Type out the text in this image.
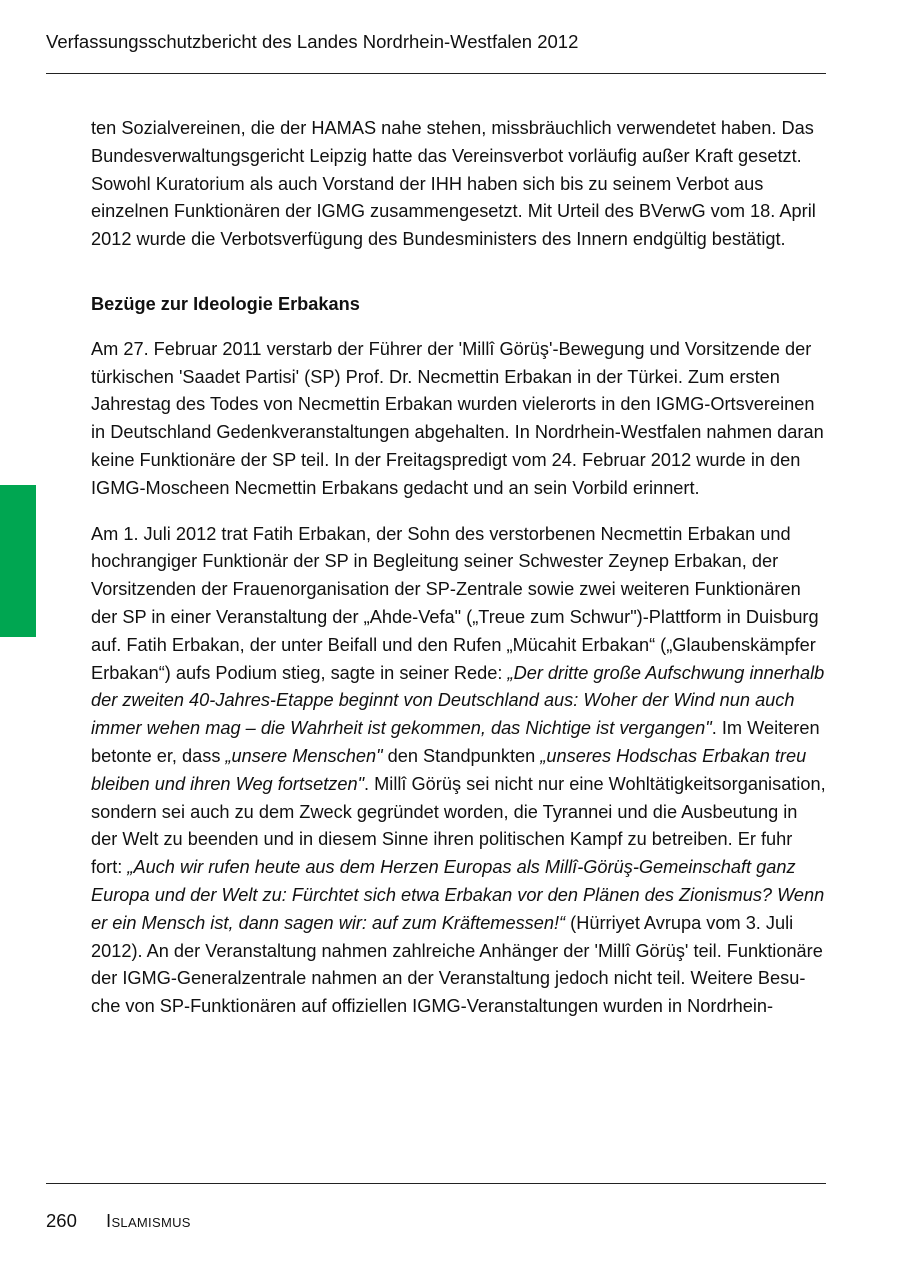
Verfassungsschutzbericht des Landes Nordrhein-Westfalen 2012

ten Sozialvereinen, die der HAMAS nahe stehen, missbräuchlich verwendetet haben. Das Bundesverwaltungsgericht Leipzig hatte das Vereinsverbot vorläufig außer Kraft gesetzt. Sowohl Kuratorium als auch Vorstand der IHH haben sich bis zu seinem Verbot aus einzelnen Funktionären der IGMG zusammengesetzt. Mit Urteil des BVerwG vom 18. April 2012 wurde die Verbotsverfügung des Bundesministers des Innern endgültig bestätigt.

Bezüge zur Ideologie Erbakans

Am 27. Februar 2011 verstarb der Führer der 'Millî Görüş'-Bewegung und Vorsitzende der türkischen 'Saadet Partisi' (SP) Prof. Dr. Necmettin Erbakan in der Türkei. Zum ersten Jahrestag des Todes von Necmettin Erbakan wurden vielerorts in den IGMG-Ortsvereinen in Deutschland Gedenkveranstaltungen abgehalten. In Nordrhein-Westfalen nahmen daran keine Funktionäre der SP teil. In der Freitagspredigt vom 24. Februar 2012 wurde in den IGMG-Moscheen Necmettin Erbakans gedacht und an sein Vorbild erinnert.

Am 1. Juli 2012 trat Fatih Erbakan, der Sohn des verstorbenen Necmettin Erbakan und hochrangiger Funktionär der SP in Begleitung seiner Schwester Zeynep Erbakan, der Vorsitzenden der Frauenorganisation der SP-Zentrale sowie zwei weiteren Funktionären der SP in einer Veranstaltung der „Ahde-Vefa" („Treue zum Schwur")-Plattform in Duisburg auf. Fatih Erbakan, der unter Beifall und den Rufen „Mücahit Erbakan“ („Glaubenskämpfer Erbakan“) aufs Podium stieg, sagte in seiner Rede: „Der dritte große Aufschwung innerhalb der zweiten 40-Jahres-Etappe beginnt von Deutschland aus: Woher der Wind nun auch immer wehen mag – die Wahrheit ist gekommen, das Nichtige ist vergangen". Im Weiteren betonte er, dass „unsere Menschen" den Standpunkten „unseres Hodschas Erbakan treu bleiben und ihren Weg fortsetzen". Millî Görüş sei nicht nur eine Wohltätigkeitsorganisation, sondern sei auch zu dem Zweck gegründet worden, die Tyrannei und die Ausbeutung in der Welt zu beenden und in diesem Sinne ihren politischen Kampf zu betreiben. Er fuhr fort: „Auch wir rufen heute aus dem Herzen Europas als Millî-Görüş-Gemeinschaft ganz Europa und der Welt zu: Fürchtet sich etwa Erbakan vor den Plänen des Zionismus? Wenn er ein Mensch ist, dann sagen wir: auf zum Kräftemessen!“ (Hürriyet Avrupa vom 3. Juli 2012). An der Veranstaltung nahmen zahlreiche Anhänger der 'Millî Görüş' teil. Funktionäre der IGMG-Generalzentrale nahmen an der Veranstaltung jedoch nicht teil. Weitere Besuche von SP-Funktionären auf offiziellen IGMG-Veranstaltungen wurden in Nordrhein-

260 Islamismus
